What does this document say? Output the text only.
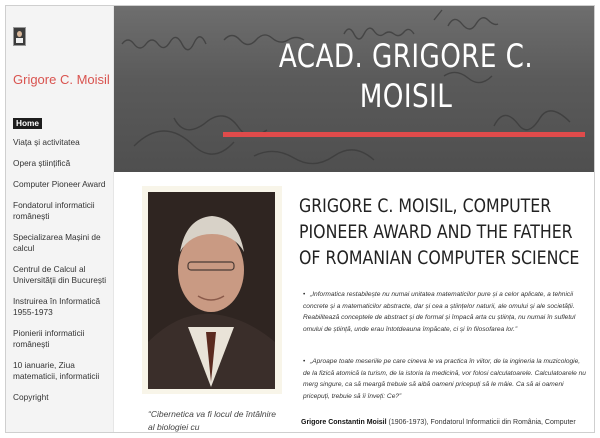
Grigore C. Moisil
Home
Viața și activitatea
Opera științifică
Computer Pioneer Award
Fondatorul informaticii românești
Specializarea Mașini de calcul
Centrul de Calcul al Universității din București
Instruirea în Informatică 1955-1973
Pionierii informaticii românești
10 ianuarie, Ziua matematicii, informaticii
Copyright
ACAD. GRIGORE C.
MOISIL
“Cibernetica va fi locul de întâlnire al biologiei cu
GRIGORE C. MOISIL, COMPUTER PIONEER AWARD AND THE FATHER OF ROMANIAN COMPUTER SCIENCE
• „Informatica restabilește nu numai unitatea matematicilor pure și a celor aplicate, a tehnicii concrete și a matematicilor abstracte, dar și cea a științelor naturii, ale omului și ale societății. Reabilitează conceptele de abstract și de formal și împacă arta cu știința, nu numai în sufletul omului de știință, unde erau întotdeauna împăcate, ci și în filosofarea lor.”
• „Aproape toate meseriile pe care cineva le va practica în viitor, de la ingineria la muzicologie, de la fizică atomică la turism, de la istoria la medicină, vor folosi calculatoarele. Calculatoarele nu merg singure, ca să meargă trebuie să aibă oameni pricepuți să le mâie. Ca să ai oameni pricepuți, trebuie să îi înveți: Ce?”
Grigore Constantin Moisil (1906-1973), Fondatorul Informaticii din România, Computer
